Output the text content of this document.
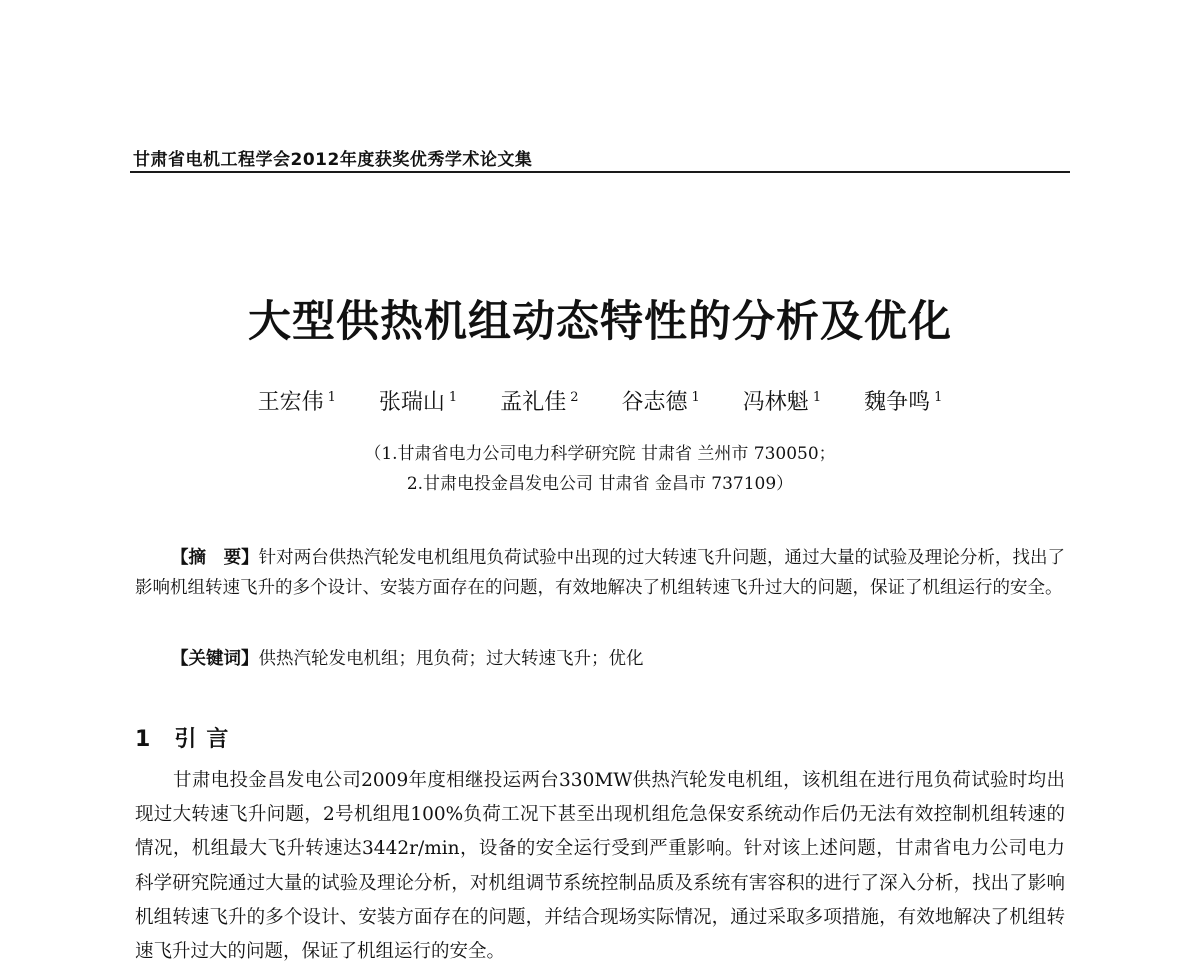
甘肃省电机工程学会2012年度获奖优秀学术论文集
大型供热机组动态特性的分析及优化
王宏伟 $^1$ 张瑞山 $^1$ 孟礼佳 $^2$ 谷志德 $^1$ 冯林魁 $^1$ 魏争鸣 $^1$
（1.甘肃省电力公司电力科学研究院 甘肃省 兰州市 730050；
2.甘肃电投金昌发电公司 甘肃省 金昌市 737109）
【摘　要】针对两台供热汽轮发电机组甩负荷试验中出现的过大转速飞升问题，通过大量的试验及理论分析，找出了影响机组转速飞升的多个设计、安装方面存在的问题，有效地解决了机组转速飞升过大的问题，保证了机组运行的安全。
【关键词】供热汽轮发电机组；甩负荷；过大转速飞升；优化
1 引言
甘肃电投金昌发电公司2009年度相继投运两台330MW供热汽轮发电机组，该机组在进行甩负荷试验时均出现过大转速飞升问题，2号机组甩100%负荷工况下甚至出现机组危急保安系统动作后仍无法有效控制机组转速的情况，机组最大飞升转速达3442r/min，设备的安全运行受到严重影响。针对该上述问题，甘肃省电力公司电力科学研究院通过大量的试验及理论分析，对机组调节系统控制品质及系统有害容积的进行了深入分析，找出了影响机组转速飞升的多个设计、安装方面存在的问题，并结合现场实际情况，通过采取多项措施，有效地解决了机组转速飞升过大的问题，保证了机组运行的安全。
